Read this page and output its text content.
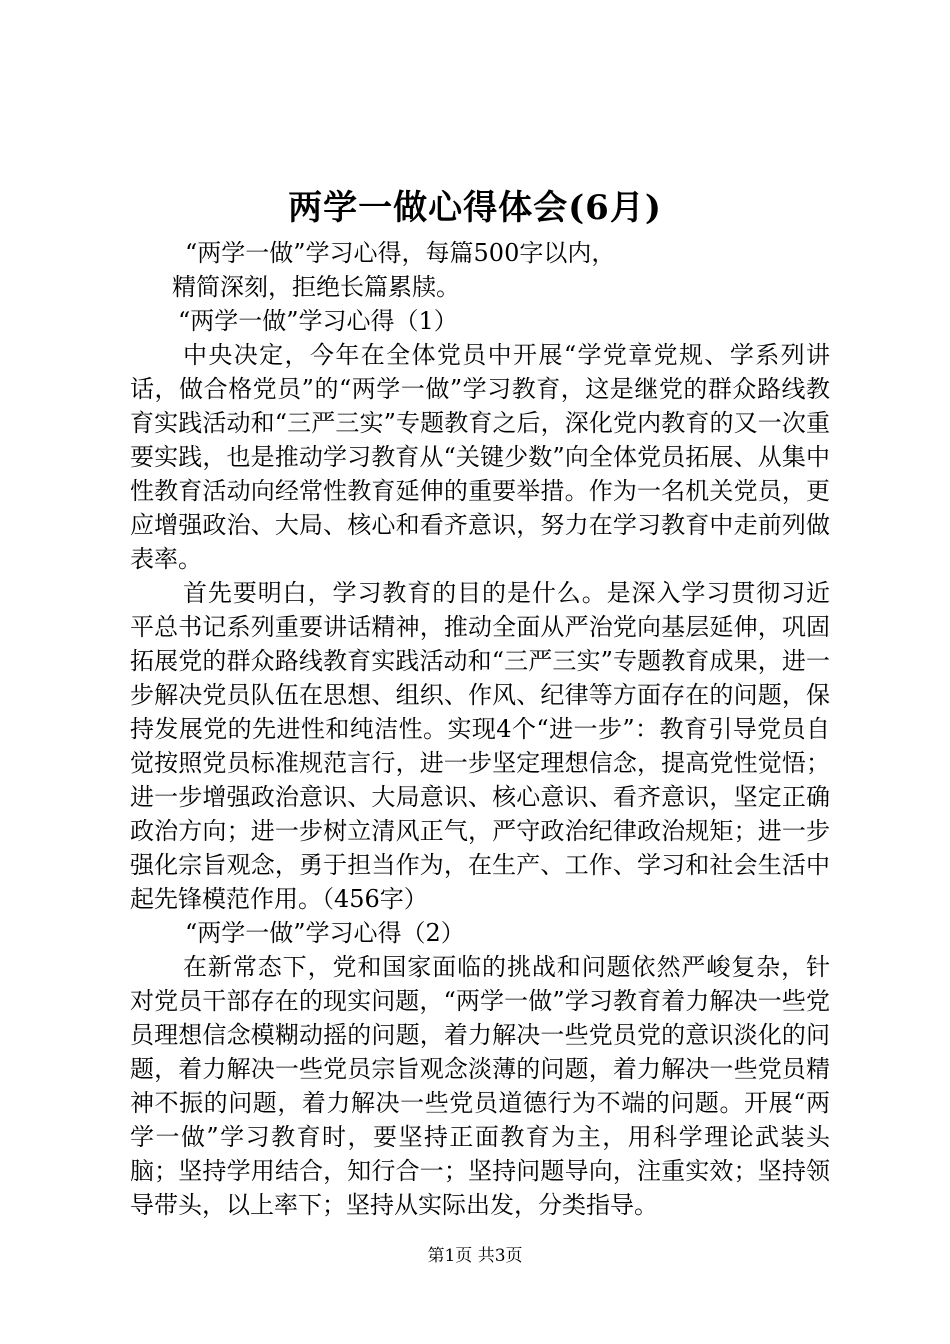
两学一做心得体会(6月)
“两学一做”学习心得，每篇500字以内，
精简深刻，拒绝长篇累牍。
“两学一做”学习心得（1）

中央决定，今年在全体党员中开展“学党章党规、学系列讲话，做合格党员”的“两学一做”学习教育，这是继党的群众路线教育实践活动和“三严三实”专题教育之后，深化党内教育的又一次重要实践，也是推动学习教育从“关键少数”向全体党员拓展、从集中性教育活动向经常性教育延伸的重要举措。作为一名机关党员，更应增强政治、大局、核心和看齐意识，努力在学习教育中走前列做表率。

首先要明白，学习教育的目的是什么。是深入学习贯彻习近平总书记系列重要讲话精神，推动全面从严治党向基层延伸，巩固拓展党的群众路线教育实践活动和“三严三实”专题教育成果，进一步解决党员队伍在思想、组织、作风、纪律等方面存在的问题，保持发展党的先进性和纯洁性。实现4个“进一步”：教育引导党员自觉按照党员标准规范言行，进一步坚定理想信念，提高党性觉悟；进一步增强政治意识、大局意识、核心意识、看齐意识，坚定正确政治方向；进一步树立清风正气，严守政治纪律政治规矩；进一步强化宗旨观念，勇于担当作为，在生产、工作、学习和社会生活中起先锋模范作用。（456字）

“两学一做”学习心得（2）

在新常态下，党和国家面临的挑战和问题依然严峻复杂，针对党员干部存在的现实问题，“两学一做”学习教育着力解决一些党员理想信念模糊动摇的问题，着力解决一些党员党的意识淡化的问题，着力解决一些党员宗旨观念淡薄的问题，着力解决一些党员精神不振的问题，着力解决一些党员道德行为不端的问题。开展“两学一做”学习教育时，要坚持正面教育为主，用科学理论武装头脑；坚持学用结合，知行合一；坚持问题导向，注重实效；坚持领导带头，以上率下；坚持从实际出发，分类指导。

第1页 共3页
